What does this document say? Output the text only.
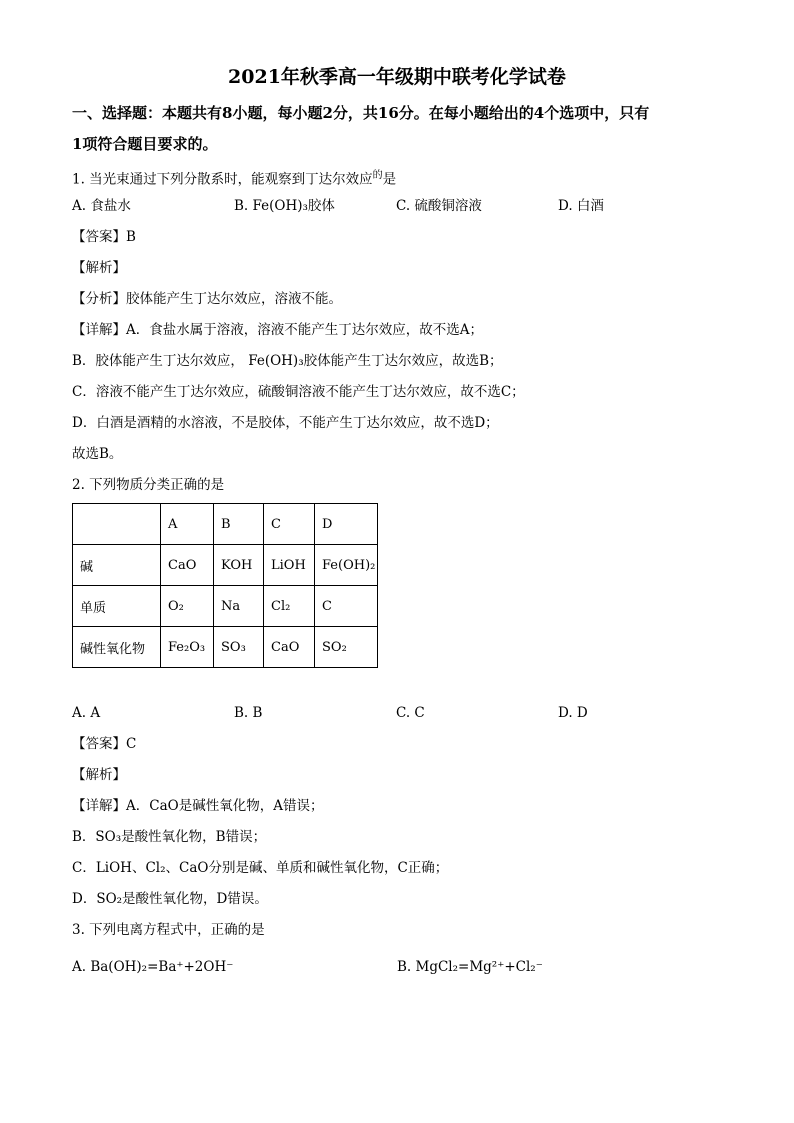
2021年秋季高一年级期中联考化学试卷
一、选择题：本题共有8小题，每小题2分，共16分。在每小题给出的4个选项中，只有
1项符合题目要求的。
1. 当光束通过下列分散系时，能观察到丁达尔效应$^的$是
A. 食盐水	B. Fe(OH)₃胶体	C. 硫酸铜溶液	D. 白酒
【答案】B
【解析】
【分析】胶体能产生丁达尔效应，溶液不能。
【详解】A．食盐水属于溶液，溶液不能产生丁达尔效应，故不选A；
B．胶体能产生丁达尔效应， Fe(OH)₃胶体能产生丁达尔效应，故选B；
C．溶液不能产生丁达尔效应，硫酸铜溶液不能产生丁达尔效应，故不选C；
D．白酒是酒精的水溶液，不是胶体，不能产生丁达尔效应，故不选D；
故选B。
2. 下列物质分类正确的是
	A	B	C	D
碱	CaO	KOH	LiOH	Fe(OH)₂
单质	O₂	Na	Cl₂	C
碱性氧化物	Fe₂O₃	SO₃	CaO	SO₂
A. A	B. B	C. C	D. D
【答案】C
【解析】
【详解】A．CaO是碱性氧化物，A错误；
B．SO₃是酸性氧化物，B错误；
C．LiOH、Cl₂、CaO分别是碱、单质和碱性氧化物，C正确；
D．SO₂是酸性氧化物，D错误。
3. 下列电离方程式中，正确的是
A. Ba(OH)₂=Ba⁺+2OH⁻	B. MgCl₂=Mg²⁺+Cl₂⁻
